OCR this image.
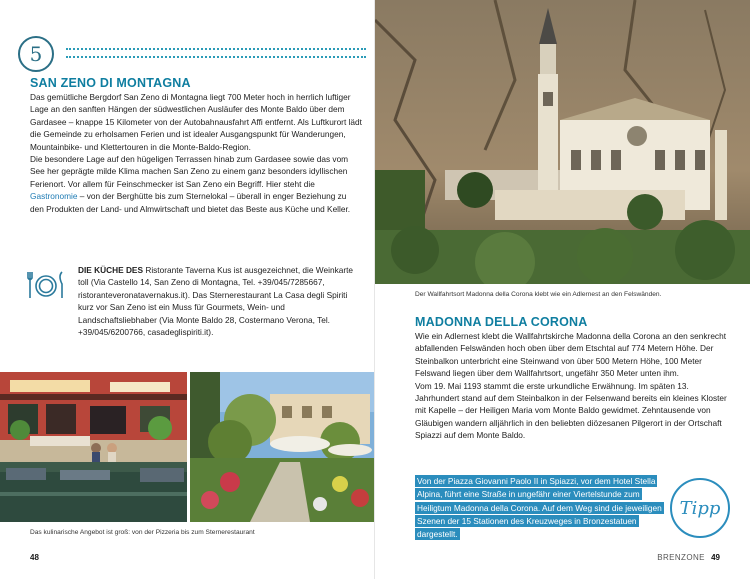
5
SAN ZENO DI MONTAGNA

Das gemütliche Bergdorf San Zeno di Montagna liegt 700 Meter hoch in herrlich luftiger Lage an den sanften Hängen der südwestlichen Ausläufer des Monte Baldo über dem Gardasee – knappe 15 Kilometer von der Autobahnausfahrt Affi entfernt. Als Luftkurort lädt die Gemeinde zu erholsamen Ferien und ist idealer Ausgangspunkt für Wanderungen, Mountainbike- und Klettertouren in die Monte-Baldo-Region.

Die besondere Lage auf den hügeligen Terrassen hinab zum Gardasee sowie das vom See her geprägte milde Klima machen San Zeno zu einem ganz besonders idyllischen Ferienort. Vor allem für Feinschmecker ist San Zeno ein Begriff. Hier steht die Gastronomie – von der Berghütte bis zum Sternelokal – überall in enger Beziehung zu den Produkten der Land- und Almwirtschaft und bietet das Beste aus Küche und Keller.

DIE KÜCHE DES Ristorante Taverna Kus ist ausgezeichnet, die Weinkarte toll (Via Castello 14, San Zeno di Montagna, Tel. +39/045/7285667, ristoranteveronatavernakus.it). Das Sternerestaurant La Casa degli Spiriti kurz vor San Zeno ist ein Muss für Gourmets, Wein- und Landschaftsliebhaber (Via Monte Baldo 28, Costermano Verona, Tel. +39/045/6200766, casadeglispiriti.it).
Das kulinarische Angebot ist groß: von der Pizzeria bis zum Sternerestaurant
48
Der Wallfahrtsort Madonna della Corona klebt wie ein Adlernest an den Felswänden.
MADONNA DELLA CORONA

Wie ein Adlernest klebt die Wallfahrtskirche Madonna della Corona an den senkrecht abfallenden Felswänden hoch oben über dem Etschtal auf 774 Metern Höhe. Der Steinbalkon unterbricht eine Steinwand von über 500 Metern Höhe, 100 Meter Felswand liegen über dem Wallfahrtsort, ungefähr 350 Meter unten ihm.

Vom 19. Mai 1193 stammt die erste urkundliche Erwähnung. Im späten 13. Jahrhundert stand auf dem Steinbalkon in der Felsenwand bereits ein kleines Kloster mit Kapelle – der Heiligen Maria vom Monte Baldo gewidmet. Zehntausende von Gläubigen wandern alljährlich in den beliebten diözesanen Pilgerort in der Ortschaft Spiazzi auf dem Monte Baldo.

Von der Piazza Giovanni Paolo II in Spiazzi, vor dem Hotel Stella Alpina, führt eine Straße in ungefähr einer Viertelstunde zum Heiligtum Madonna della Corona. Auf dem Weg sind die jeweiligen Szenen der 15 Stationen des Kreuzweges in Bronzestatuen dargestellt.
Tipp
BRENZONE 49
